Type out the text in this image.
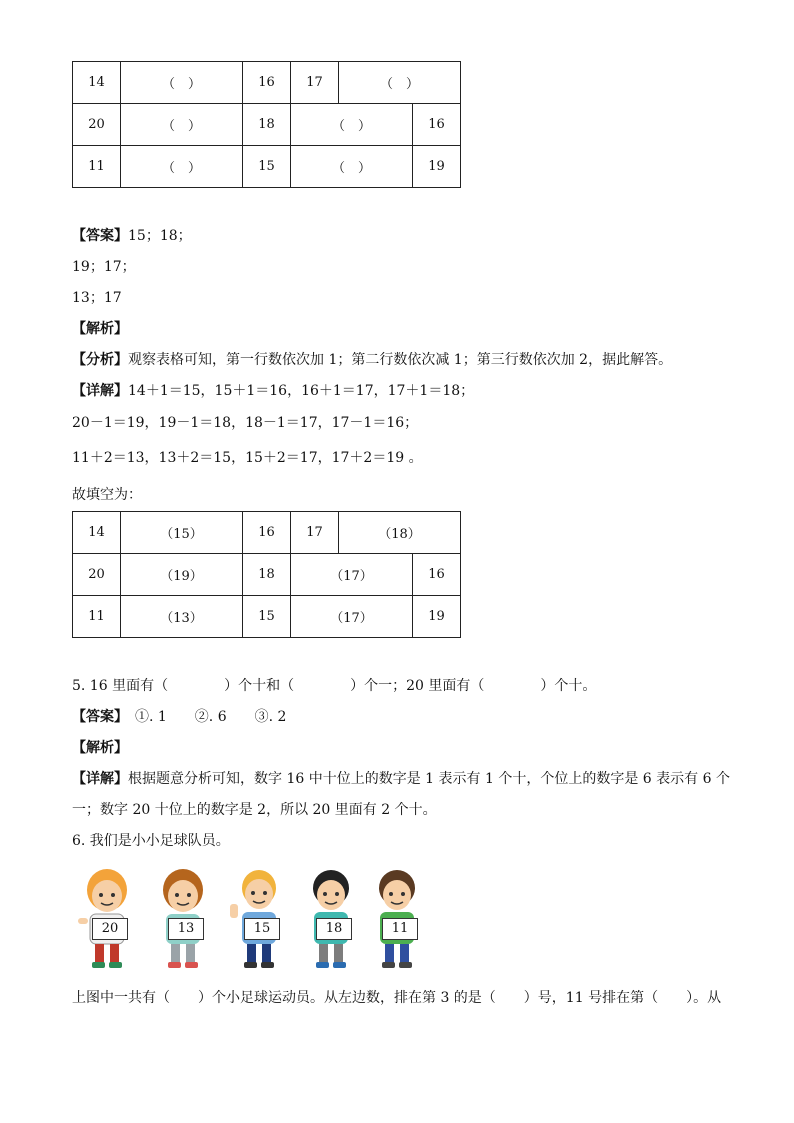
14	（　）	16	17	（　）	
20	（　）	18	（　）		16
11	（　）	15	（　）		19
【答案】15；18；
19；17；
13；17
【解析】
【分析】观察表格可知，第一行数依次加 1；第二行数依次减 1；第三行数依次加 2，据此解答。
【详解】14＋1＝15，15＋1＝16，16＋1＝17，17＋1＝18；
20－1＝19，19－1＝18，18－1＝17，17－1＝16；
11＋2＝13，13＋2＝15，15＋2＝17，17＋2＝19 。
故填空为：
14	（15）	16	17	（18）	
20	（19）	18	（17）		16
11	（13）	15	（17）		19
5. 16 里面有（　　　　）个十和（　　　　）个一；20 里面有（　　　　）个十。
【答案】　①. 1　　②. 6　　③. 2
【解析】
【详解】根据题意分析可知，数字 16 中十位上的数字是 1 表示有 1 个十，个位上的数字是 6 表示有 6 个
一；数字 20 十位上的数字是 2，所以 20 里面有 2 个十。
6. 我们是小小足球队员。
20	13	15	18	11
上图中一共有（　　）个小足球运动员。从左边数，排在第 3 的是（　　）号，11 号排在第（　　）。从
